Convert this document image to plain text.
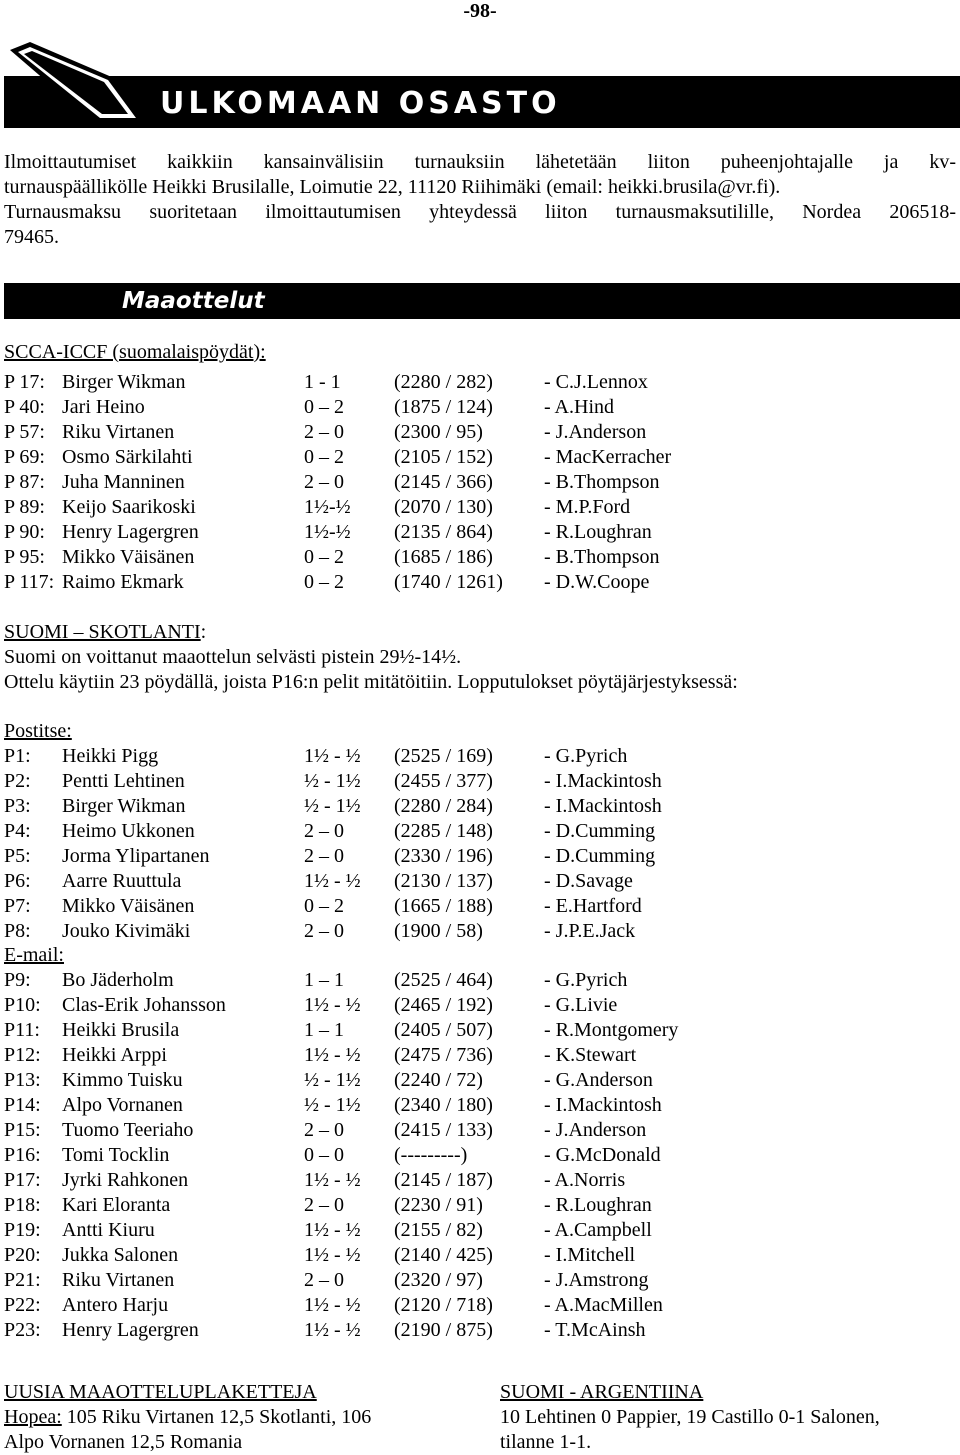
-98-
ULKOMAAN OSASTO
Ilmoittautumiset kaikkiin kansainvälisiin turnauksiin lähetetään liiton puheenjohtajalle ja kv-
turnauspäällikölle Heikki Brusilalle, Loimutie 22, 11120 Riihimäki (email: heikki.brusila@vr.fi).
Turnausmaksu suoritetaan ilmoittautumisen yhteydessä liiton turnausmaksutilille, Nordea 206518-
79465.
Maaottelut
SCCA-ICCF (suomalaispöydät):
P 17: Birger Wikman	1 - 1	(2280 / 282)	- C.J.Lennox
P 40: Jari Heino	0 – 2	(1875 / 124)	- A.Hind
P 57: Riku Virtanen	2 – 0	(2300 / 95)	- J.Anderson
P 69: Osmo Särkilahti	0 – 2	(2105 / 152)	- MacKerracher
P 87: Juha Manninen	2 – 0	(2145 / 366)	- B.Thompson
P 89: Keijo Saarikoski	1½-½ (2070 / 130)	- M.P.Ford
P 90: Henry Lagergren	1½-½ (2135 / 864)	- R.Loughran
P 95: Mikko Väisänen	0 – 2	(1685 / 186)	- B.Thompson
P 117: Raimo Ekmark	0 – 2	(1740 / 1261) - D.W.Coope
SUOMI – SKOTLANTI:
Suomi on voittanut maaottelun selvästi pistein 29½-14½.
Ottelu käytiin 23 pöydällä, joista P16:n pelit mitätöitiin. Lopputulokset pöytäjärjestyksessä:
Postitse:
P1: Heikki Pigg	1½ - ½ (2525 / 169)	- G.Pyrich
P2: Pentti Lehtinen	½ - 1½ (2455 / 377)	- I.Mackintosh
P3: Birger Wikman	½ - 1½ (2280 / 284)	- I.Mackintosh
P4: Heimo Ukkonen	2 – 0	(2285 / 148)	- D.Cumming
P5: Jorma Ylipartanen	2 – 0	(2330 / 196)	- D.Cumming
P6: Aarre Ruuttula	1½ - ½ (2130 / 137)	- D.Savage
P7: Mikko Väisänen	0 – 2	(1665 / 188)	- E.Hartford
P8: Jouko Kivimäki	2 – 0	(1900 / 58)	- J.P.E.Jack
E-mail:
P9: Bo Jäderholm	1 – 1	(2525 / 464)	- G.Pyrich
P10: Clas-Erik Johansson	1½ - ½ (2465 / 192)	- G.Livie
P11: Heikki Brusila	1 – 1	(2405 / 507)	- R.Montgomery
P12: Heikki Arppi	1½ - ½ (2475 / 736)	- K.Stewart
P13: Kimmo Tuisku	½ - 1½ (2240 / 72)	- G.Anderson
P14: Alpo Vornanen	½ - 1½ (2340 / 180)	- I.Mackintosh
P15: Tuomo Teeriaho	2 – 0	(2415 / 133)	- J.Anderson
P16: Tomi Tocklin	0 – 0	(---------)	- G.McDonald
P17: Jyrki Rahkonen	1½ - ½ (2145 / 187)	- A.Norris
P18: Kari Eloranta	2 – 0	(2230 / 91)	- R.Loughran
P19: Antti Kiuru	1½ - ½ (2155 / 82)	- A.Campbell
P20: Jukka Salonen	1½ - ½ (2140 / 425)	- I.Mitchell
P21: Riku Virtanen	2 – 0	(2320 / 97)	- J.Amstrong
P22: Antero Harju	1½ - ½ (2120 / 718)	- A.MacMillen
P23: Henry Lagergren	1½ - ½ (2190 / 875)	- T.McAinsh
UUSIA MAAOTTELUPLAKETTEJA
Hopea: 105 Riku Virtanen 12,5 Skotlanti, 106
Alpo Vornanen 12,5 Romania
SUOMI - ARGENTIINA
10 Lehtinen 0 Pappier, 19 Castillo 0-1 Salonen,
tilanne 1-1.
